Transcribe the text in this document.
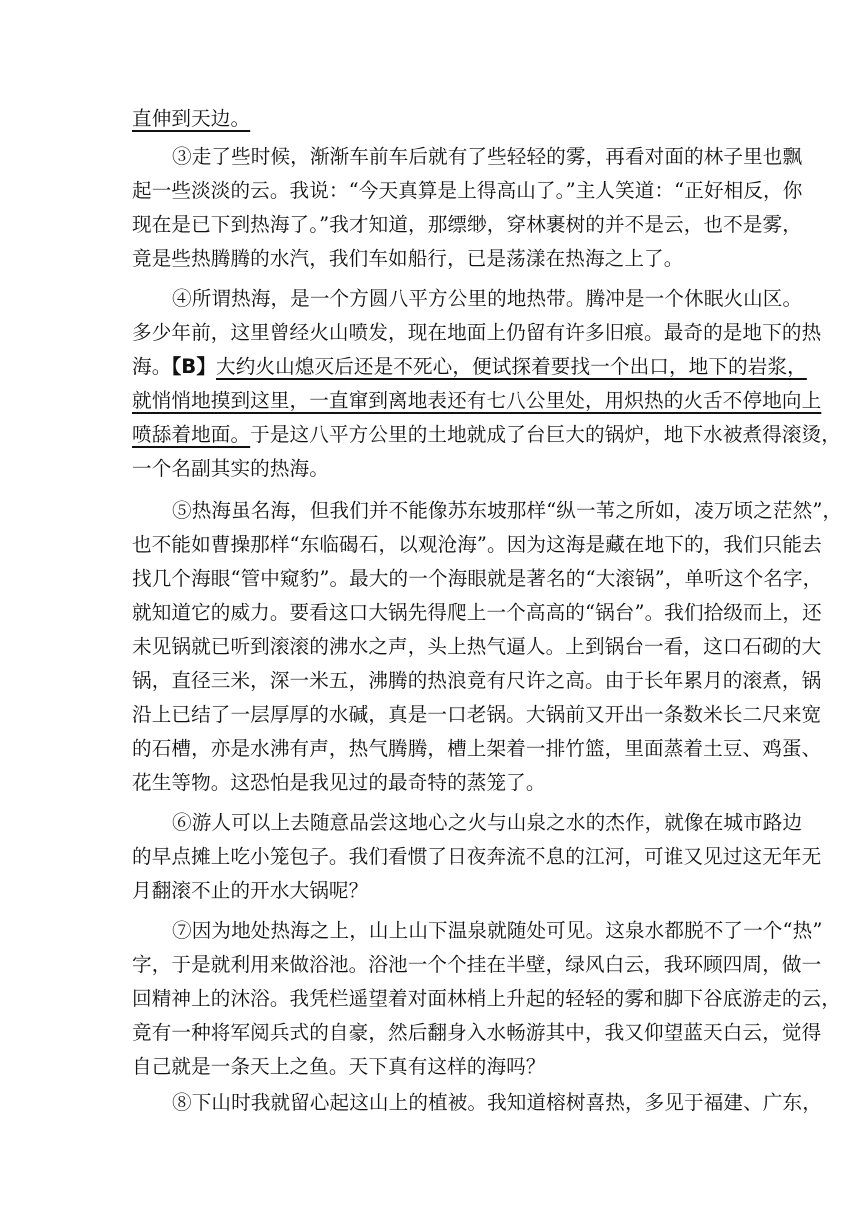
直伸到天边。
③走了些时候，渐渐车前车后就有了些轻轻的雾，再看对面的林子里也飘
起一些淡淡的云。我说：“今天真算是上得高山了。”主人笑道：“正好相反，你
现在是已下到热海了。”我才知道，那缥缈，穿林裹树的并不是云，也不是雾，
竟是些热腾腾的水汽，我们车如船行，已是荡漾在热海之上了。
④所谓热海，是一个方圆八平方公里的地热带。腾冲是一个休眠火山区。
多少年前，这里曾经火山喷发，现在地面上仍留有许多旧痕。最奇的是地下的热
海。【B】大约火山熄灭后还是不死心，便试探着要找一个出口，地下的岩浆，
就悄悄地摸到这里，一直窜到离地表还有七八公里处，用炽热的火舌不停地向上
喷舔着地面。于是这八平方公里的土地就成了台巨大的锅炉，地下水被煮得滚烫，
一个名副其实的热海。
⑤热海虽名海，但我们并不能像苏东坡那样“纵一苇之所如，凌万顷之茫然”，
也不能如曹操那样“东临碣石，以观沧海”。因为这海是藏在地下的，我们只能去
找几个海眼“管中窥豹”。最大的一个海眼就是著名的“大滚锅”，单听这个名字，
就知道它的威力。要看这口大锅先得爬上一个高高的“锅台”。我们拾级而上，还
未见锅就已听到滚滚的沸水之声，头上热气逼人。上到锅台一看，这口石砌的大
锅，直径三米，深一米五，沸腾的热浪竟有尺许之高。由于长年累月的滚煮，锅
沿上已结了一层厚厚的水碱，真是一口老锅。大锅前又开出一条数米长二尺来宽
的石槽，亦是水沸有声，热气腾腾，槽上架着一排竹篮，里面蒸着土豆、鸡蛋、
花生等物。这恐怕是我见过的最奇特的蒸笼了。
⑥游人可以上去随意品尝这地心之火与山泉之水的杰作，就像在城市路边
的早点摊上吃小笼包子。我们看惯了日夜奔流不息的江河，可谁又见过这无年无
月翻滚不止的开水大锅呢？
⑦因为地处热海之上，山上山下温泉就随处可见。这泉水都脱不了一个“热”
字，于是就利用来做浴池。浴池一个个挂在半壁，绿风白云，我环顾四周，做一
回精神上的沐浴。我凭栏遥望着对面林梢上升起的轻轻的雾和脚下谷底游走的云，
竟有一种将军阅兵式的自豪，然后翻身入水畅游其中，我又仰望蓝天白云，觉得
自己就是一条天上之鱼。天下真有这样的海吗？
⑧下山时我就留心起这山上的植被。我知道榕树喜热，多见于福建、广东，
